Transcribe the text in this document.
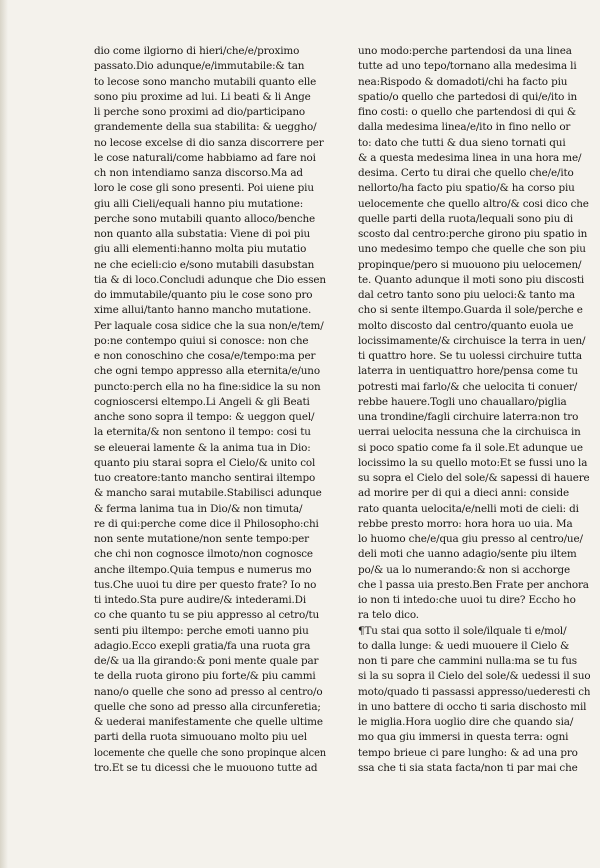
dio come ilgiorno di hieri/che/e/proximo
passato.Dio adunque/e/immutabile:& tan
to lecose sono mancho mutabili quanto elle
sono piu proxime ad lui. Li beati & li Ange
li perche sono proximi ad dio/participano
grandemente della sua stabilita: & ueggho/
no lecose excelse di dio sanza discorrere per
le cose naturali/come habbiamo ad fare noi
ch non intendiamo sanza discorso.Ma ad
loro le cose gli sono presenti. Poi uiene piu
giu alli Cieli/equali hanno piu mutatione:
perche sono mutabili quanto alloco/benche
non quanto alla substatia: Viene di poi piu
giu alli elementi:hanno molta piu mutatio
ne che ecieli:cio e/sono mutabili dasubstan
tia & di loco.Concludi adunque che Dio essen
do immutabile/quanto piu le cose sono pro
xime allui/tanto hanno mancho mutatione.
Per laquale cosa sidice che la sua non/e/tem/
po:ne contempo quiui si conosce: non che
e non conoschino che cosa/e/tempo:ma per
che ogni tempo appresso alla eternita/e/uno
puncto:perch ella no ha fine:sidice la su non
cognioscersi eltempo.Li Angeli & gli Beati
anche sono sopra il tempo: & ueggon quel/
la eternita/& non sentono il tempo: cosi tu
se eleuerai lamente & la anima tua in Dio:
quanto piu starai sopra el Cielo/& unito col
tuo creatore:tanto mancho sentirai iltempo
& mancho sarai mutabile.Stabilisci adunque
& ferma lanima tua in Dio/& non timuta/
re di qui:perche come dice il Philosopho:chi
non sente mutatione/non sente tempo:per
che chi non cognosce ilmoto/non cognosce
anche iltempo.Quia tempus e numerus mo
tus.Che uuoi tu dire per questo frate? Io no
ti intedo.Sta pure audire/& intederami.Di
co che quanto tu se piu appresso al cetro/tu
senti piu iltempo: perche emoti uanno piu
adagio.Ecco exepli gratia/fa una ruota gra
de/& ua lla girando:& poni mente quale par
te della ruota girono piu forte/& piu cammi
nano/o quelle che sono ad presso al centro/o
quelle che sono ad presso alla circunferetia;
& uederai manifestamente che quelle ultime
parti della ruota simuouano molto piu uel
locemente che quelle che sono propinque alcen
tro.Et se tu dicessi che le muouono tutte ad
uno modo:perche partendosi da una linea
tutte ad uno tepo/tornano alla medesima li
nea:Rispodo & domadoti/chi ha facto piu
spatio/o quello che partedosi di qui/e/ito in
fino costi: o quello che partendosi di qui &
dalla medesima linea/e/ito in fino nello or
to: dato che tutti & dua sieno tornati qui
& a questa medesima linea in una hora me/
desima. Certo tu dirai che quello che/e/ito
nellorto/ha facto piu spatio/& ha corso piu
uelocemente che quello altro/& cosi dico che
quelle parti della ruota/lequali sono piu di
scosto dal centro:perche girono piu spatio in
uno medesimo tempo che quelle che son piu
propinque/pero si muouono piu uelocemen/
te. Quanto adunque il moti sono piu discosti
dal cetro tanto sono piu ueloci:& tanto ma
cho si sente iltempo.Guarda il sole/perche e
molto discosto dal centro/quanto euola ue
locissimamente/& circhuisce la terra in uen/
ti quattro hore. Se tu uolessi circhuire tutta
laterra in uentiquattro hore/pensa come tu
potresti mai farlo/& che uelocita ti conuer/
rebbe hauere.Togli uno chauallaro/piglia
una trondine/fagli circhuire laterra:non tro
uerrai uelocita nessuna che la circhuisca in
si poco spatio come fa il sole.Et adunque ue
locissimo la su quello moto:Et se fussi uno la
su sopra el Cielo del sole/& sapessi di hauere
ad morire per di qui a dieci anni: conside
rato quanta uelocita/e/nelli moti de cieli: di
rebbe presto morro: hora hora uo uia. Ma
lo huomo che/e/qua giu presso al centro/ue/
deli moti che uanno adagio/sente piu iltem
po/& ua lo numerando:& non si acchorge
che l passa uia presto.Ben Frate per anchora
io non ti intedo:che uuoi tu dire? Eccho ho
ra telo dico.
¶Tu stai qua sotto il sole/ilquale ti e/mol/
to dalla lunge: & uedi muouere il Cielo &
non ti pare che cammini nulla:ma se tu fus
si la su sopra il Cielo del sole/& uedessi il suo
moto/quado ti passassi appresso/uederesti ch
in uno battere di occho ti saria dischosto mil
le miglia.Hora uoglio dire che quando sia/
mo qua giu immersi in questa terra: ogni
tempo brieue ci pare lungho: & ad una pro
ssa che ti sia stata facta/non ti par mai che
